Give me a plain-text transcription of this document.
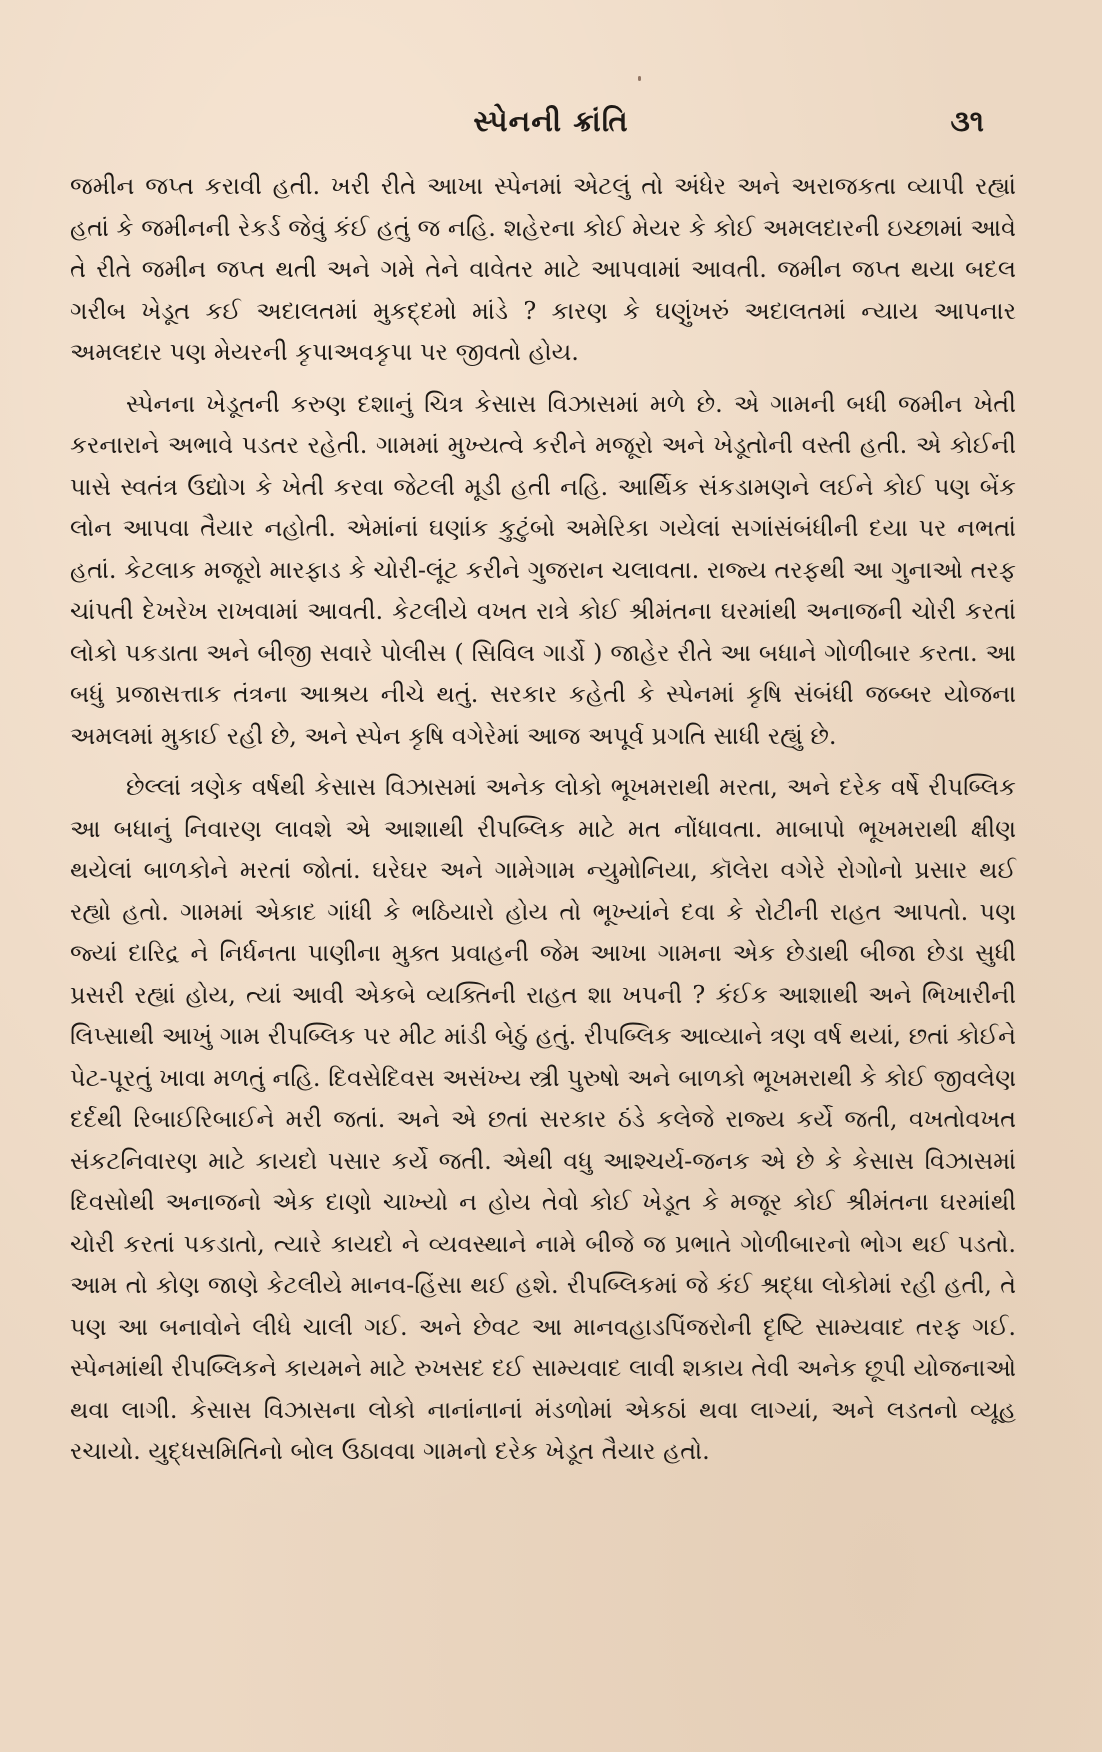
સ્પેનની ક્રાંતિ	૩૧

જમીન જપ્ત કરાવી હતી. ખરી રીતે આખા સ્પેનમાં એટલું તો અંધેર અને અરાજકતા વ્યાપી રહ્યાં હતાં કે જમીનની રેકર્ડ જેવું કંઈ હતું જ નહિ. શહેરના કોઈ મેયર કે કોઈ અમલદારની ઇચ્છામાં આવે તે રીતે જમીન જપ્ત થતી અને ગમે તેને વાવેતર માટે આપવામાં આવતી. જમીન જપ્ત થયા બદલ ગરીબ ખેડૂત કઈ અદાલતમાં મુકદ્દમો માંડે ? કારણ કે ઘણુંખરું અદાલતમાં ન્યાય આપનાર અમલદાર પણ મેયરની કૃપાઅવકૃપા પર જીવતો હોય.

સ્પેનના ખેડૂતની કરુણ દશાનું ચિત્ર કેસાસ વિઝાસમાં મળે છે. એ ગામની બધી જમીન ખેતી કરનારાને અભાવે પડતર રહેતી. ગામમાં મુખ્યત્વે કરીને મજૂરો અને ખેડૂતોની વસ્તી હતી. એ કોઈની પાસે સ્વતંત્ર ઉદ્યોગ કે ખેતી કરવા જેટલી મૂડી હતી નહિ. આર્થિક સંકડામણને લઈને કોઈ પણ બેંક લોન આપવા તૈયાર નહોતી. એમાંનાં ઘણાંક કુટુંબો અમેરિકા ગયેલાં સગાંસંબંધીની દયા પર નભતાં હતાં. કેટલાક મજૂરો મારફાડ કે ચોરી-લૂંટ કરીને ગુજરાન ચલાવતા. રાજ્ય તરફથી આ ગુનાઓ તરફ ચાંપતી દેખરેખ રાખવામાં આવતી. કેટલીયે વખત રાત્રે કોઈ શ્રીમંતના ઘરમાંથી અનાજની ચોરી કરતાં લોકો પકડાતા અને બીજી સવારે પોલીસ ( સિવિલ ગાર્ડો ) જાહેર રીતે આ બધાને ગોળીબાર કરતા. આ બધું પ્રજાસત્તાક તંત્રના આશ્રય નીચે થતું. સરકાર કહેતી કે સ્પેનમાં કૃષિ સંબંધી જબ્બર યોજના અમલમાં મુકાઈ રહી છે, અને સ્પેન કૃષિ વગેરેમાં આજ અપૂર્વ પ્રગતિ સાધી રહ્યું છે.

છેલ્લાં ત્રણેક વર્ષથી કેસાસ વિઝાસમાં અનેક લોકો ભૂખમરાથી મરતા, અને દરેક વર્ષે રીપબ્લિક આ બધાનું નિવારણ લાવશે એ આશાથી રીપબ્લિક માટે મત નોંધાવતા. માબાપો ભૂખમરાથી ક્ષીણ થયેલાં બાળકોને મરતાં જોતાં. ઘરેઘર અને ગામેગામ ન્યુમોનિયા, કૉલેરા વગેરે રોગોનો પ્રસાર થઈ રહ્યો હતો. ગામમાં એકાદ ગાંધી કે ભઠિયારો હોય તો ભૂખ્યાંને દવા કે રોટીની રાહત આપતો. પણ જ્યાં દારિદ્ર ને નિર્ધનતા પાણીના મુક્ત પ્રવાહની જેમ આખા ગામના એક છેડાથી બીજા છેડા સુધી પ્રસરી રહ્યાં હોય, ત્યાં આવી એકબે વ્યક્તિની રાહત શા ખપની ? કંઈક આશાથી અને ભિખારીની લિપ્સાથી આખું ગામ રીપબ્લિક પર મીટ માંડી બેઠું હતું. રીપબ્લિક આવ્યાને ત્રણ વર્ષ થયાં, છતાં કોઈને પેટ-પૂરતું ખાવા મળતું નહિ. દિવસેદિવસ અસંખ્ય સ્ત્રી પુરુષો અને બાળકો ભૂખમરાથી કે કોઈ જીવલેણ દર્દથી રિબાઈરિબાઈને મરી જતાં. અને એ છતાં સરકાર ઠંડે કલેજે રાજ્ય કર્યે જતી, વખતોવખત સંકટનિવારણ માટે કાયદો પસાર કર્યે જતી. એથી વધુ આશ્ચર્ય-જનક એ છે કે કેસાસ વિઝાસમાં દિવસોથી અનાજનો એક દાણો ચાખ્યો ન હોય તેવો કોઈ ખેડૂત કે મજૂર કોઈ શ્રીમંતના ઘરમાંથી ચોરી કરતાં પકડાતો, ત્યારે કાયદો ને વ્યવસ્થાને નામે બીજે જ પ્રભાતે ગોળીબારનો ભોગ થઈ પડતો. આમ તો કોણ જાણે કેટલીયે માનવ-હિંસા થઈ હશે. રીપબ્લિકમાં જે કંઈ શ્રદ્ધા લોકોમાં રહી હતી, તે પણ આ બનાવોને લીધે ચાલી ગઈ. અને છેવટ આ માનવહાડપિંજરોની દૃષ્ટિ સામ્યવાદ તરફ ગઈ. સ્પેનમાંથી રીપબ્લિકને કાયમને માટે રુખસદ દઈ સામ્યવાદ લાવી શકાય તેવી અનેક છૂપી યોજનાઓ થવા લાગી. કેસાસ વિઝાસના લોકો નાનાંનાનાં મંડળોમાં એકઠાં થવા લાગ્યાં, અને લડતનો વ્યૂહ રચાયો. યુદ્ધસમિતિનો બોલ ઉઠાવવા ગામનો દરેક ખેડૂત તૈયાર હતો.
